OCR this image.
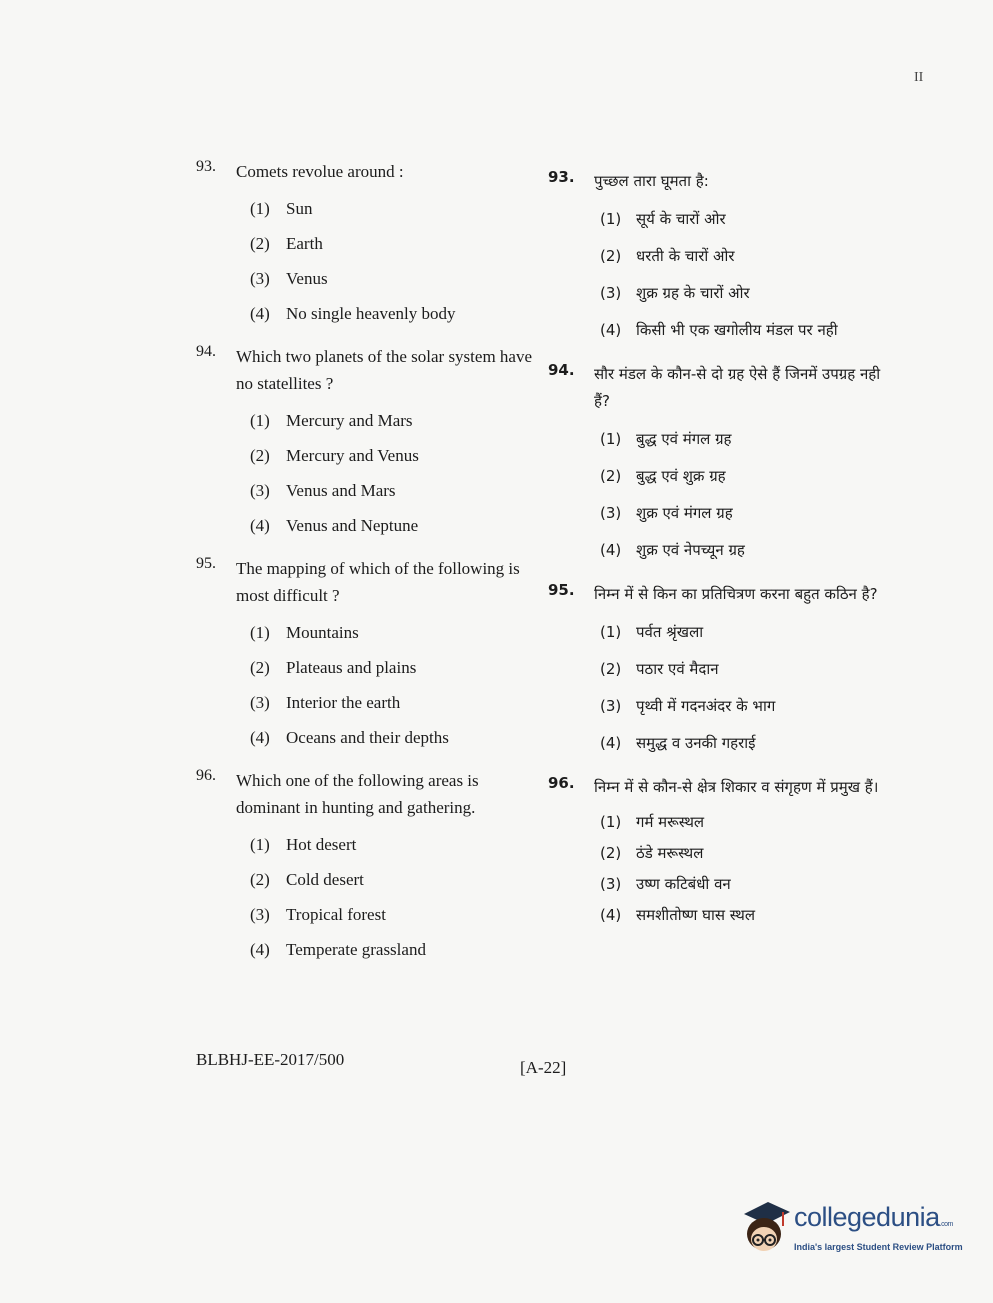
II
93. Comets revolue around :
(1) Sun
(2) Earth
(3) Venus
(4) No single heavenly body
94. Which two planets of the solar system have no statellites ?
(1) Mercury and Mars
(2) Mercury and Venus
(3) Venus and Mars
(4) Venus and Neptune
95. The mapping of which of the following is most difficult ?
(1) Mountains
(2) Plateaus and plains
(3) Interior the earth
(4) Oceans and their depths
96. Which one of the following areas is dominant in hunting and gathering.
(1) Hot desert
(2) Cold desert
(3) Tropical forest
(4) Temperate grassland
93. पुच्छल तारा घूमता है:
(1) सूर्य के चारों ओर
(2) धरती के चारों ओर
(3) शुक्र ग्रह के चारों ओर
(4) किसी भी एक खगोलीय मंडल पर नही
94. सौर मंडल के कौन-से दो ग्रह ऐसे हैं जिनमें उपग्रह नही हैं?
(1) बुद्ध एवं मंगल ग्रह
(2) बुद्ध एवं शुक्र ग्रह
(3) शुक्र एवं मंगल ग्रह
(4) शुक्र एवं नेपच्यून ग्रह
95. निम्न में से किन का प्रतिचित्रण करना बहुत कठिन है?
(1) पर्वत श्रृंखला
(2) पठार एवं मैदान
(3) पृथ्वी में गदनअंदर के भाग
(4) समुद्ध व उनकी गहराई
96. निम्न में से कौन-से क्षेत्र शिकार व संगृहण में प्रमुख हैं।
(1) गर्म मरूस्थल
(2) ठंडे मरूस्थल
(3) उष्ण कटिबंधी वन
(4) समशीतोष्ण घास स्थल
BLBHJ-EE-2017/500	[A-22]
collegedunia.com
India's largest Student Review Platform
